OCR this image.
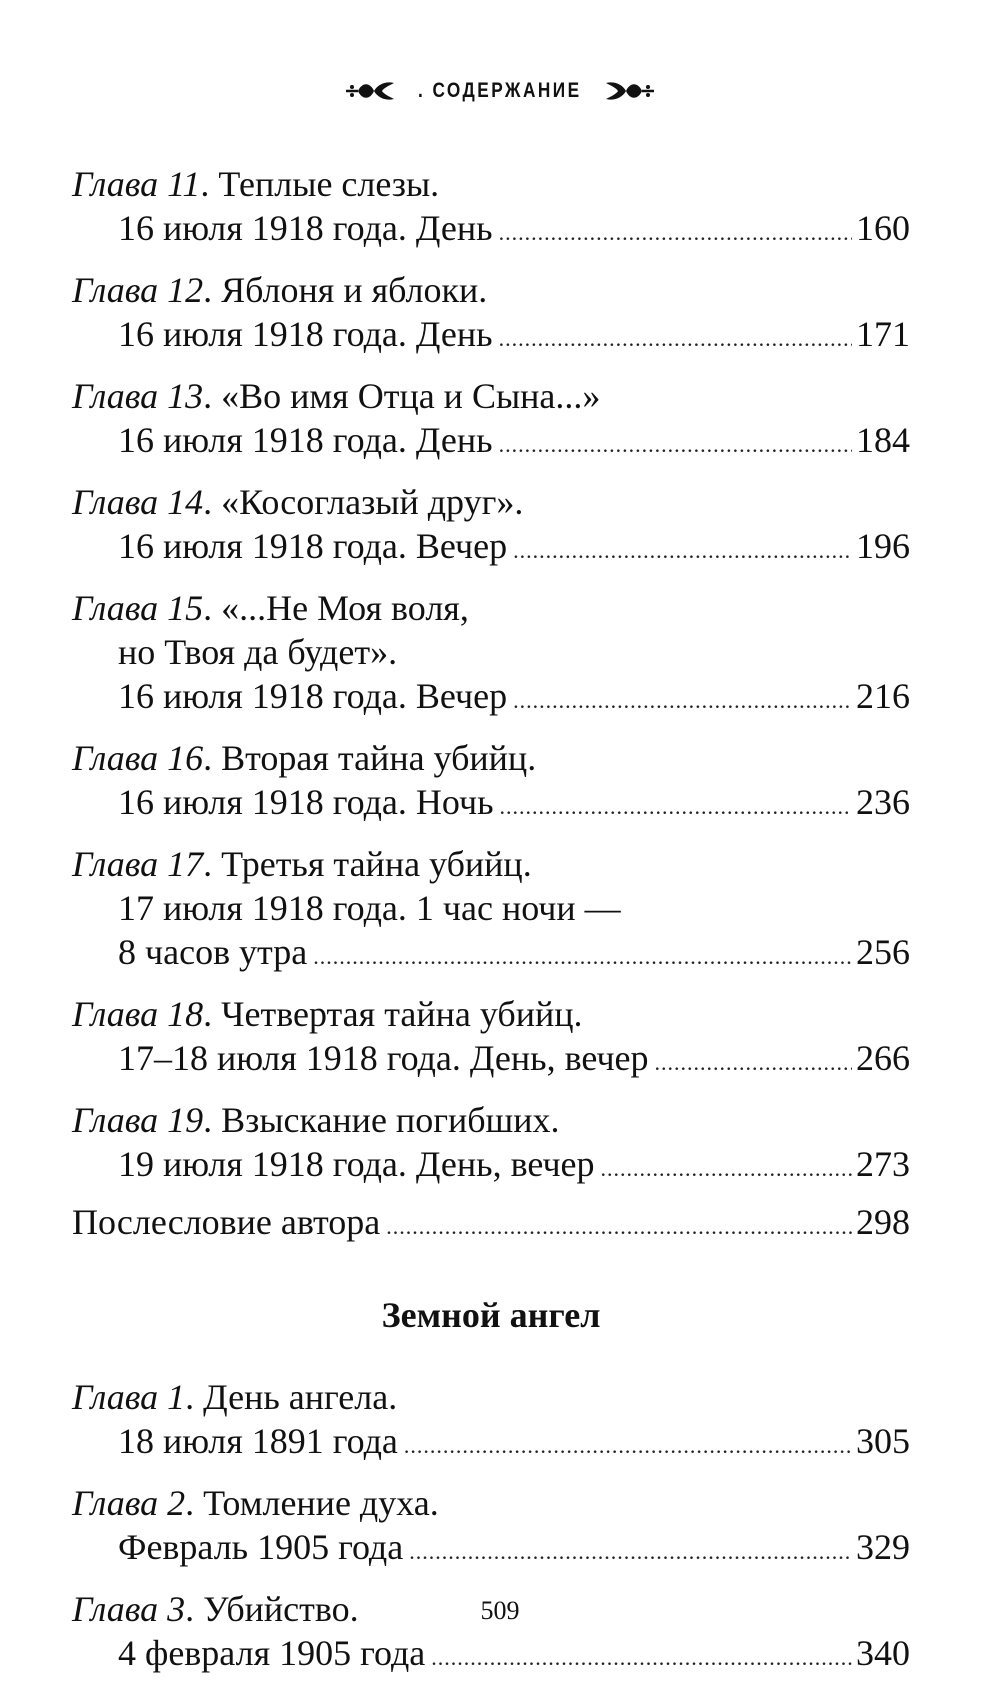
. СОДЕРЖАНИЕ
Глава 11 . Теплые слезы.
16 июля 1918 года. День .....	160
Глава 12 . Яблоня и яблоки.
16 июля 1918 года. День .....	171
Глава 13 . «Во имя Отца и Сына...»
16 июля 1918 года. День .....	184
Глава 14 . «Косоглазый друг».
16 июля 1918 года. Вечер .....	196
Глава 15 . «...Не Моя воля,
но Твоя да будет».
16 июля 1918 года. Вечер .....	216
Глава 16 . Вторая тайна убийц.
16 июля 1918 года. Ночь .....	236
Глава 17 . Третья тайна убийц.
17 июля 1918 года. 1 час ночи —
8 часов утра .....	256
Глава 18 . Четвертая тайна убийц.
17–18 июля 1918 года. День, вечер .....	266
Глава 19 . Взыскание погибших.
19 июля 1918 года. День, вечер .....	273
Послесловие автора .....	298
Земной ангел
Глава 1 . День ангела.
18 июля 1891 года .....	305
Глава 2 . Томление духа.
Февраль 1905 года .....	329
Глава 3 . Убийство.
4 февраля 1905 года .....	340
509
